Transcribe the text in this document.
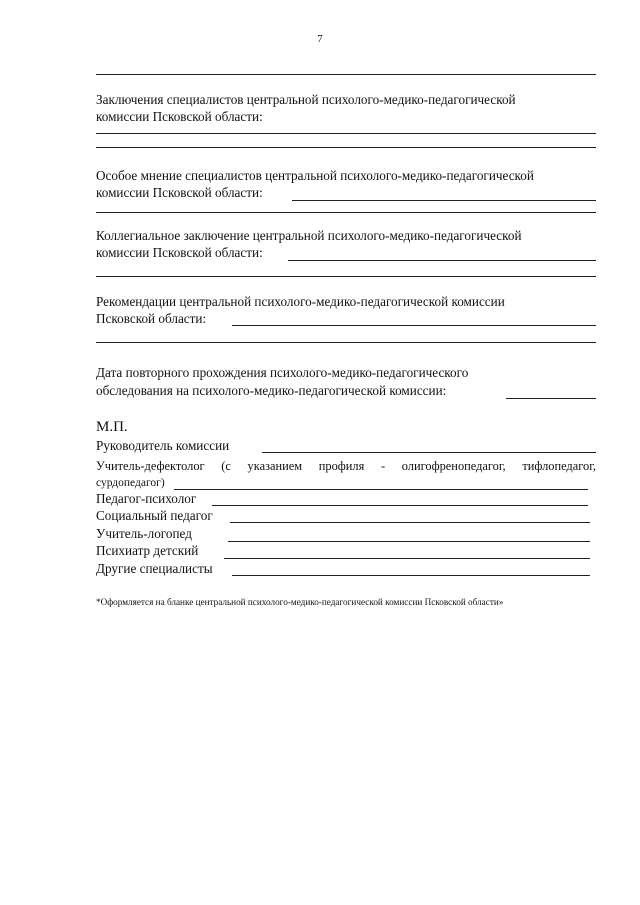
7
Заключения специалистов центральной психолого-медико-педагогической
комиссии Псковской области:
Особое мнение специалистов центральной психолого-медико-педагогической
комиссии Псковской области:
Коллегиальное заключение центральной психолого-медико-педагогической
комиссии Псковской области:
Рекомендации центральной психолого-медико-педагогической комиссии
Псковской области:
Дата повторного прохождения психолого-медико-педагогического
обследования на психолого-медико-педагогической комиссии:
М.П.
Руководитель комиссии
Учитель-дефектолог (с указанием профиля - олигофренопедагог, тифлопедагог,
сурдопедагог)
Педагог-психолог
Социальный педагог
Учитель-логопед
Психиатр детский
Другие специалисты
*Оформляется на бланке центральной психолого-медико-педагогической комиссии Псковской области»
